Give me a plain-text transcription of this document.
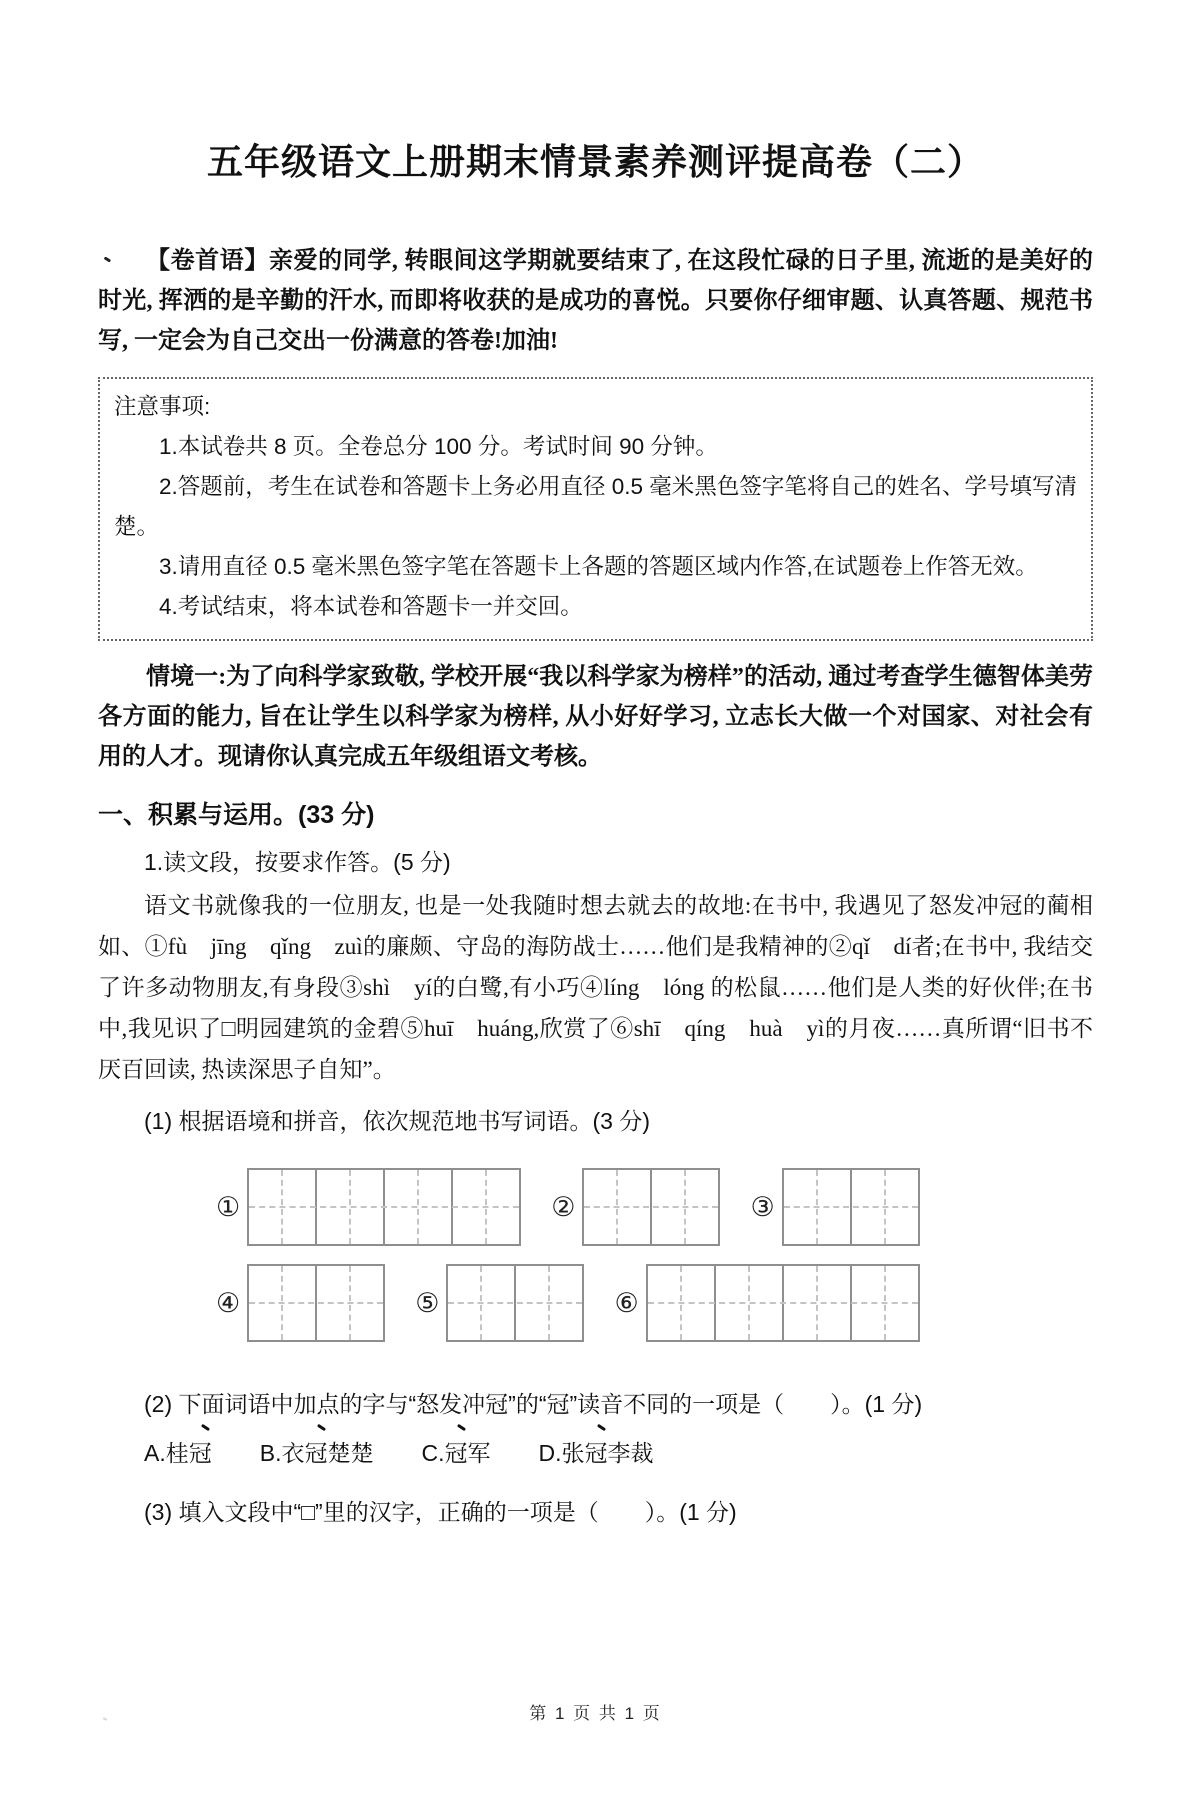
五年级语文上册期末情景素养测评提高卷（二）

【卷首语】亲爱的同学, 转眼间这学期就要结束了, 在这段忙碌的日子里, 流逝的是美好的时光, 挥洒的是辛勤的汗水, 而即将收获的是成功的喜悦。只要你仔细审题、认真答题、规范书写, 一定会为自己交出一份满意的答卷!加油!

注意事项:

1.本试卷共 8 页。全卷总分 100 分。考试时间 90 分钟。

2.答题前，考生在试卷和答题卡上务必用直径 0.5 毫米黑色签字笔将自己的姓名、学号填写清楚。

3.请用直径 0.5 毫米黑色签字笔在答题卡上各题的答题区域内作答,在试题卷上作答无效。

4.考试结束，将本试卷和答题卡一并交回。

情境一:为了向科学家致敬, 学校开展“我以科学家为榜样”的活动, 通过考查学生德智体美劳各方面的能力, 旨在让学生以科学家为榜样, 从小好好学习, 立志长大做一个对国家、对社会有用的人才。现请你认真完成五年级组语文考核。

一、积累与运用。(33 分)

1.读文段，按要求作答。(5 分)

语文书就像我的一位朋友, 也是一处我随时想去就去的故地:在书中, 我遇见了怒发冲冠的蔺相如、①fù　jīng　qǐng　zuì的廉颇、守岛的海防战士……他们是我精神的②qǐ　dí者;在书中, 我结交了许多动物朋友,有身段③shì　yí的白鹭,有小巧④líng　lóng 的松鼠……他们是人类的好伙伴;在书中,我见识了□明园建筑的金碧⑤huī　huáng,欣赏了⑥shī　qíng　huà　yì的月夜……真所谓“旧书不厌百回读, 热读深思子自知”。

(1) 根据语境和拼音，依次规范地书写词语。(3 分)

①	②	③
④	⑤	⑥

(2) 下面词语中加点的字与“怒发冲冠”的“冠”读音不同的一项是（　　）。(1 分)

A.桂冠 B.衣冠楚楚 C.冠军 D.张冠李裁

(3) 填入文段中“□”里的汉字，正确的一项是（　　）。(1 分)

第 1 页 共 1 页
